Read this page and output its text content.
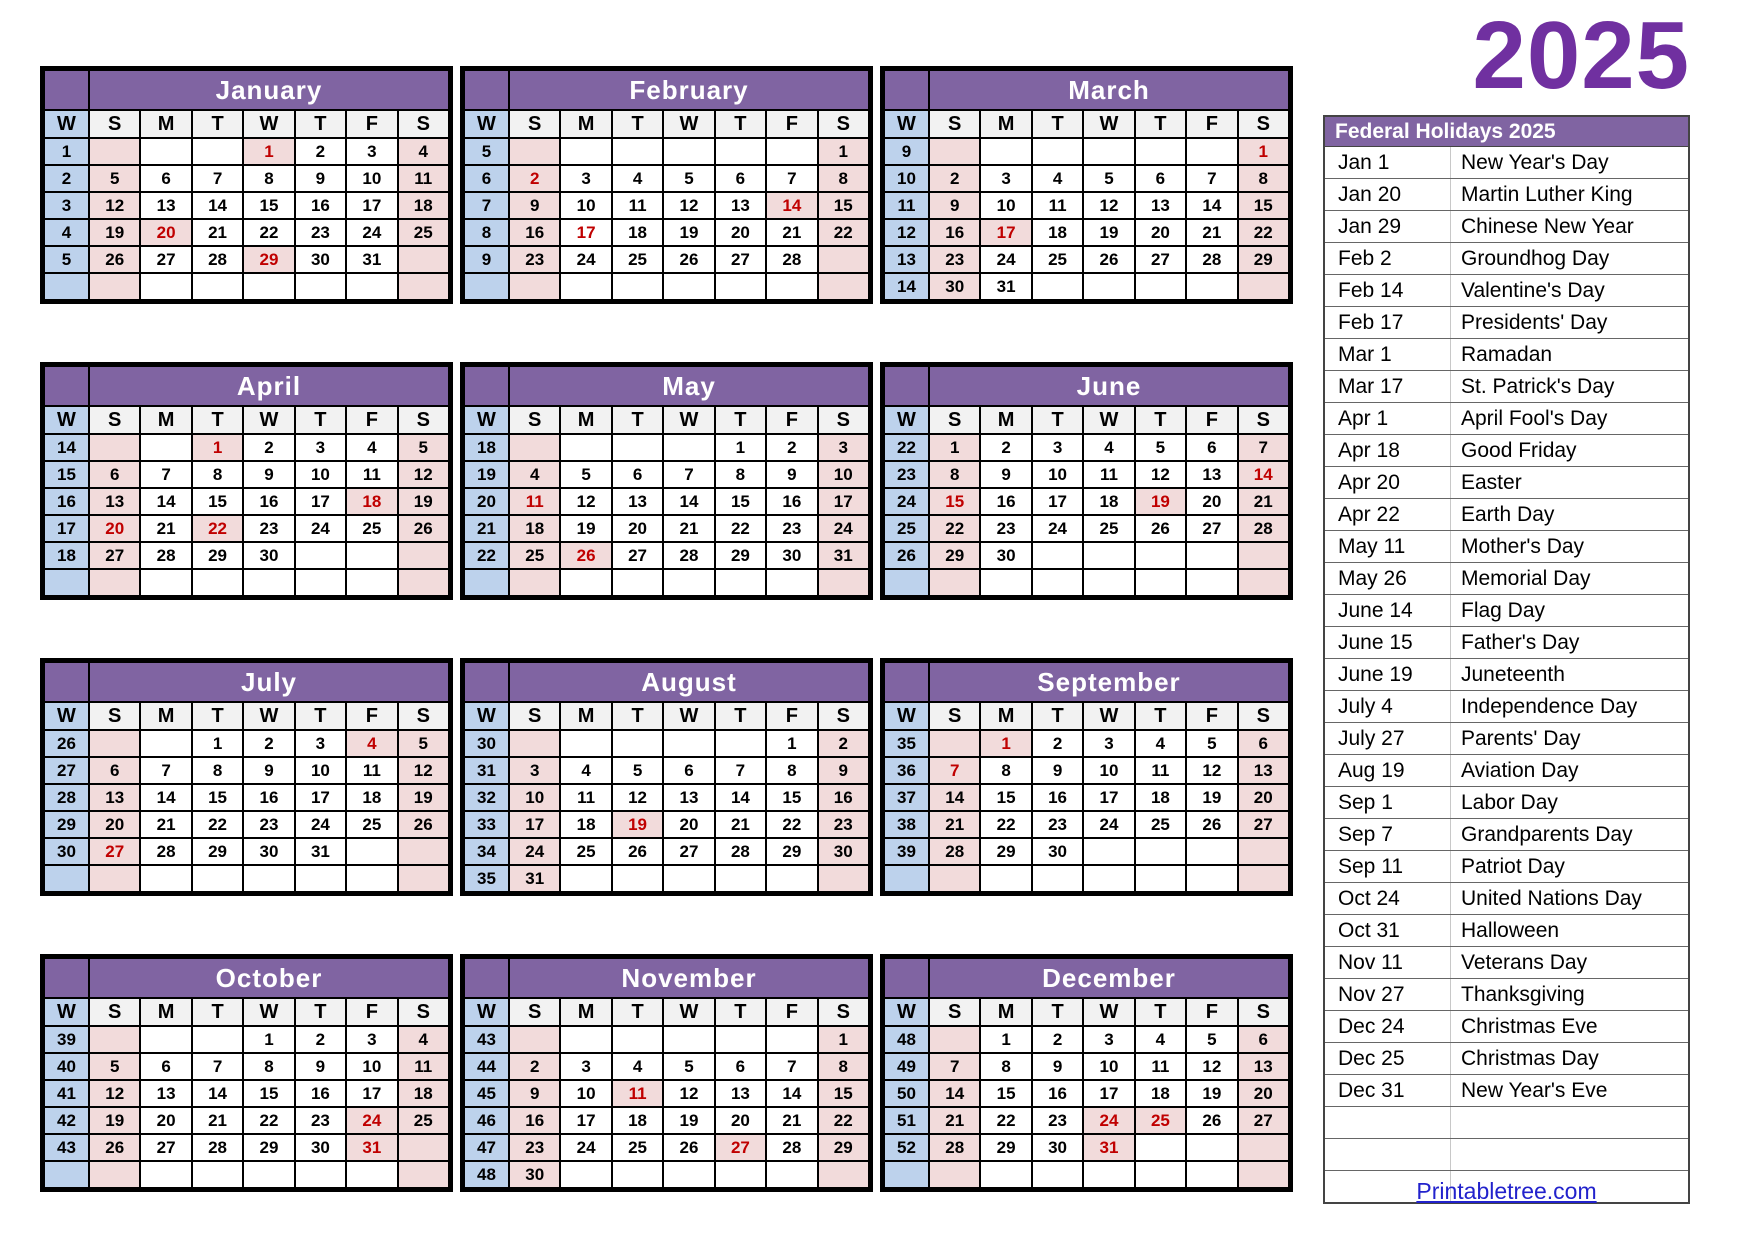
2025
	January						
W	S	M	T	W	T	F	S
1				1	2	3	4
2	5	6	7	8	9	10	11
3	12	13	14	15	16	17	18
4	19	20	21	22	23	24	25
5	26	27	28	29	30	31	

	February						
W	S	M	T	W	T	F	S
5							1
6	2	3	4	5	6	7	8
7	9	10	11	12	13	14	15
8	16	17	18	19	20	21	22
9	23	24	25	26	27	28	

	March						
W	S	M	T	W	T	F	S
9							1
10	2	3	4	5	6	7	8
11	9	10	11	12	13	14	15
12	16	17	18	19	20	21	22
13	23	24	25	26	27	28	29
14	30	31					
	April						
W	S	M	T	W	T	F	S
14			1	2	3	4	5
15	6	7	8	9	10	11	12
16	13	14	15	16	17	18	19
17	20	21	22	23	24	25	26
18	27	28	29	30			

	May						
W	S	M	T	W	T	F	S
18					1	2	3
19	4	5	6	7	8	9	10
20	11	12	13	14	15	16	17
21	18	19	20	21	22	23	24
22	25	26	27	28	29	30	31

	June						
W	S	M	T	W	T	F	S
22	1	2	3	4	5	6	7
23	8	9	10	11	12	13	14
24	15	16	17	18	19	20	21
25	22	23	24	25	26	27	28
26	29	30					

	July						
W	S	M	T	W	T	F	S
26			1	2	3	4	5
27	6	7	8	9	10	11	12
28	13	14	15	16	17	18	19
29	20	21	22	23	24	25	26
30	27	28	29	30	31		

	August						
W	S	M	T	W	T	F	S
30						1	2
31	3	4	5	6	7	8	9
32	10	11	12	13	14	15	16
33	17	18	19	20	21	22	23
34	24	25	26	27	28	29	30
35	31						
	September						
W	S	M	T	W	T	F	S
35		1	2	3	4	5	6
36	7	8	9	10	11	12	13
37	14	15	16	17	18	19	20
38	21	22	23	24	25	26	27
39	28	29	30				

	October						
W	S	M	T	W	T	F	S
39				1	2	3	4
40	5	6	7	8	9	10	11
41	12	13	14	15	16	17	18
42	19	20	21	22	23	24	25
43	26	27	28	29	30	31	

	November						
W	S	M	T	W	T	F	S
43							1
44	2	3	4	5	6	7	8
45	9	10	11	12	13	14	15
46	16	17	18	19	20	21	22
47	23	24	25	26	27	28	29
48	30						
	December						
W	S	M	T	W	T	F	S
48		1	2	3	4	5	6
49	7	8	9	10	11	12	13
50	14	15	16	17	18	19	20
51	21	22	23	24	25	26	27
52	28	29	30	31			

Federal Holidays 2025
Jan 1	New Year's Day
Jan 20	Martin Luther King
Jan 29	Chinese New Year
Feb 2	Groundhog Day
Feb 14	Valentine's Day
Feb 17	Presidents' Day
Mar 1	Ramadan
Mar 17	St. Patrick's Day
Apr 1	April Fool's Day
Apr 18	Good Friday
Apr 20	Easter
Apr 22	Earth Day
May 11	Mother's Day
May 26	Memorial Day
June 14	Flag Day
June 15	Father's Day
June 19	Juneteenth
July 4	Independence Day
July 27	Parents' Day
Aug 19	Aviation Day
Sep 1	Labor Day
Sep 7	Grandparents Day
Sep 11	Patriot Day
Oct 24	United Nations Day
Oct 31	Halloween
Nov 11	Veterans Day
Nov 27	Thanksgiving
Dec 24	Christmas Eve
Dec 25	Christmas Day
Dec 31	New Year's Eve
Printabletree.com
